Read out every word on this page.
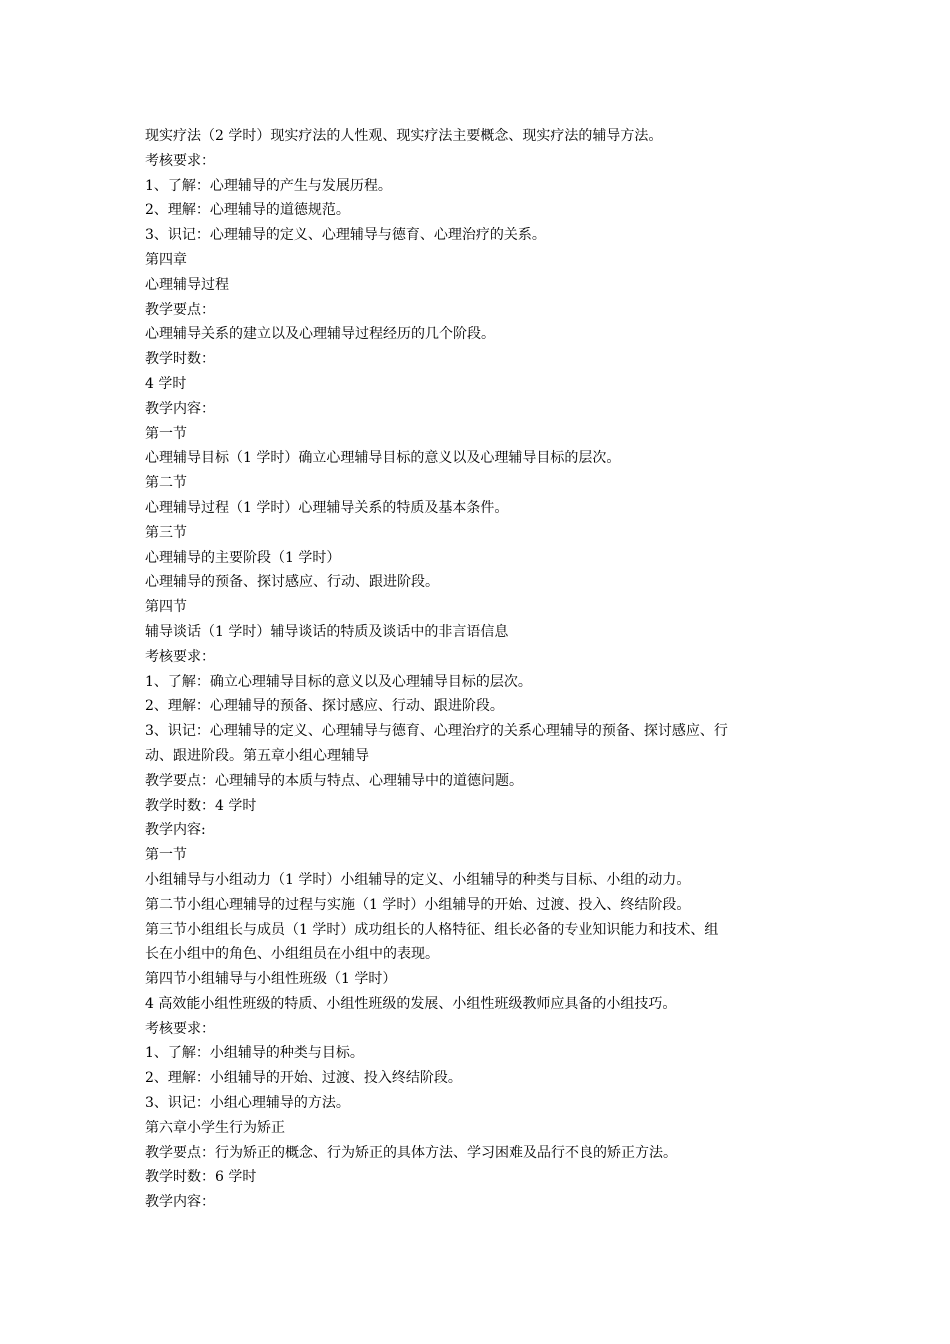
现实疗法（2 学时）现实疗法的人性观、现实疗法主要概念、现实疗法的辅导方法。
考核要求：
1、了解：心理辅导的产生与发展历程。
2、理解：心理辅导的道德规范。
3、识记：心理辅导的定义、心理辅导与德育、心理治疗的关系。
第四章
心理辅导过程
教学要点：
心理辅导关系的建立以及心理辅导过程经历的几个阶段。
教学时数：
4 学时
教学内容：
第一节
心理辅导目标（1 学时）确立心理辅导目标的意义以及心理辅导目标的层次。
第二节
心理辅导过程（1 学时）心理辅导关系的特质及基本条件。
第三节
心理辅导的主要阶段（1 学时）
心理辅导的预备、探讨感应、行动、跟进阶段。
第四节
辅导谈话（1 学时）辅导谈话的特质及谈话中的非言语信息
考核要求：
1、了解：确立心理辅导目标的意义以及心理辅导目标的层次。
2、理解：心理辅导的预备、探讨感应、行动、跟进阶段。
3、识记：心理辅导的定义、心理辅导与德育、心理治疗的关系心理辅导的预备、探讨感应、行
动、跟进阶段。第五章小组心理辅导
教学要点：心理辅导的本质与特点、心理辅导中的道德问题。
教学时数：4 学时
教学内容:
第一节
小组辅导与小组动力（1 学时）小组辅导的定义、小组辅导的种类与目标、小组的动力。
第二节小组心理辅导的过程与实施（1 学时）小组辅导的开始、过渡、投入、终结阶段。
第三节小组组长与成员（1 学时）成功组长的人格特征、组长必备的专业知识能力和技术、组
长在小组中的角色、小组组员在小组中的表现。
第四节小组辅导与小组性班级（1 学时）
4 高效能小组性班级的特质、小组性班级的发展、小组性班级教师应具备的小组技巧。
考核要求：
1、了解：小组辅导的种类与目标。
2、理解：小组辅导的开始、过渡、投入终结阶段。
3、识记：小组心理辅导的方法。
第六章小学生行为矫正
教学要点：行为矫正的概念、行为矫正的具体方法、学习困难及品行不良的矫正方法。
教学时数：6 学时
教学内容：
